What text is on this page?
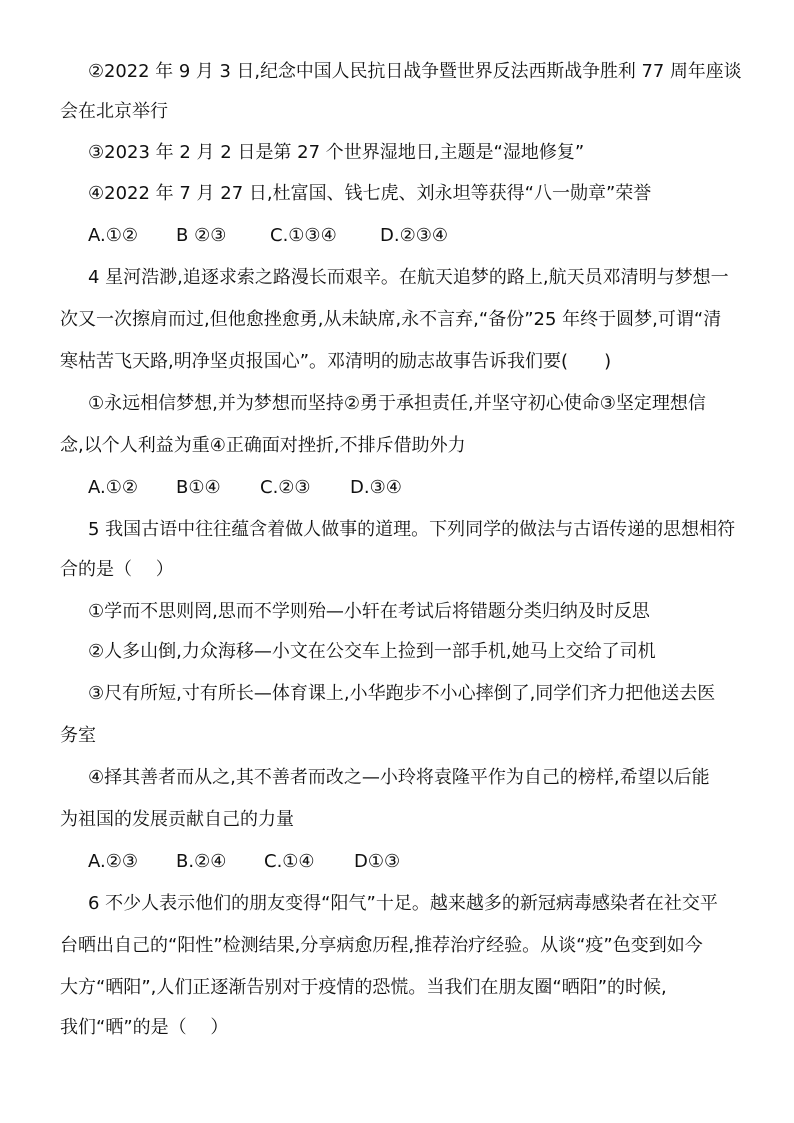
②2022 年 9 月 3 日,纪念中国人民抗日战争暨世界反法西斯战争胜利 77 周年座谈
会在北京举行
③2023 年 2 月 2 日是第 27 个世界湿地日,主题是“湿地修复”
④2022 年 7 月 27 日,杜富国、钱七虎、刘永坦等获得“八一勋章”荣誉
A.①② B ②③ C.①③④ D.②③④
4 星河浩渺,追逐求索之路漫长而艰辛。在航天追梦的路上,航天员邓清明与梦想一
次又一次擦肩而过,但他愈挫愈勇,从未缺席,永不言弃,“备份”25 年终于圆梦,可谓“清
寒枯苦飞天路,明净坚贞报国心”。邓清明的励志故事告诉我们要(　　)
①永远相信梦想,并为梦想而坚持②勇于承担责任,并坚守初心使命③坚定理想信
念,以个人利益为重④正确面对挫折,不排斥借助外力
A.①② B①④ C.②③ D.③④
5 我国古语中往往蕴含着做人做事的道理。下列同学的做法与古语传递的思想相符
合的是（　 ）
①学而不思则罔,思而不学则殆—小轩在考试后将错题分类归纳及时反思
②人多山倒,力众海移—小文在公交车上捡到一部手机,她马上交给了司机
③尺有所短,寸有所长—体育课上,小华跑步不小心摔倒了,同学们齐力把他送去医
务室
④择其善者而从之,其不善者而改之—小玲将袁隆平作为自己的榜样,希望以后能
为祖国的发展贡献自己的力量
A.②③ B.②④ C.①④ D①③
6 不少人表示他们的朋友变得“阳气”十足。越来越多的新冠病毒感染者在社交平
台晒出自己的“阳性”检测结果,分享病愈历程,推荐治疗经验。从谈“疫”色变到如今
大方“晒阳”,人们正逐渐告别对于疫情的恐慌。当我们在朋友圈“晒阳”的时候,
我们“晒”的是（　 ）
